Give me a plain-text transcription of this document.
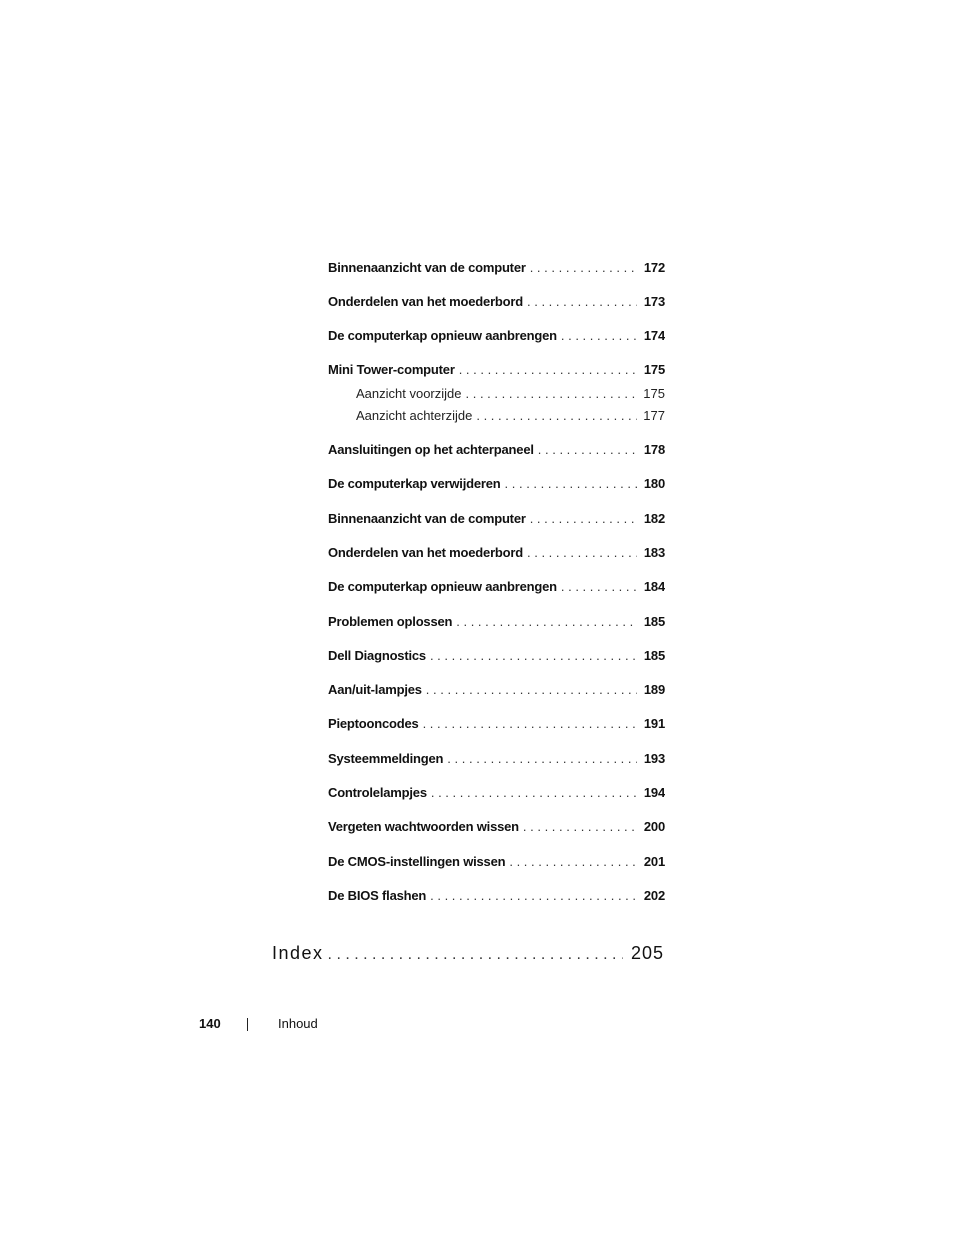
Binnenaanzicht van de computer . . .	172
Onderdelen van het moederbord . . .	173
De computerkap opnieuw aanbrengen . . .	174
Mini Tower-computer . . .	175
Aanzicht voorzijde . . .	175
Aanzicht achterzijde . . .	177
Aansluitingen op het achterpaneel . . .	178
De computerkap verwijderen . . .	180
Binnenaanzicht van de computer . . .	182
Onderdelen van het moederbord . . .	183
De computerkap opnieuw aanbrengen . . .	184
Problemen oplossen . . .	185
Dell Diagnostics . . .	185
Aan/uit-lampjes . . .	189
Pieptooncodes . . .	191
Systeemmeldingen . . .	193
Controlelampjes . . .	194
Vergeten wachtwoorden wissen . . .	200
De CMOS-instellingen wissen . . .	201
De BIOS flashen . . .	202
Index . . .	205
140	Inhoud
